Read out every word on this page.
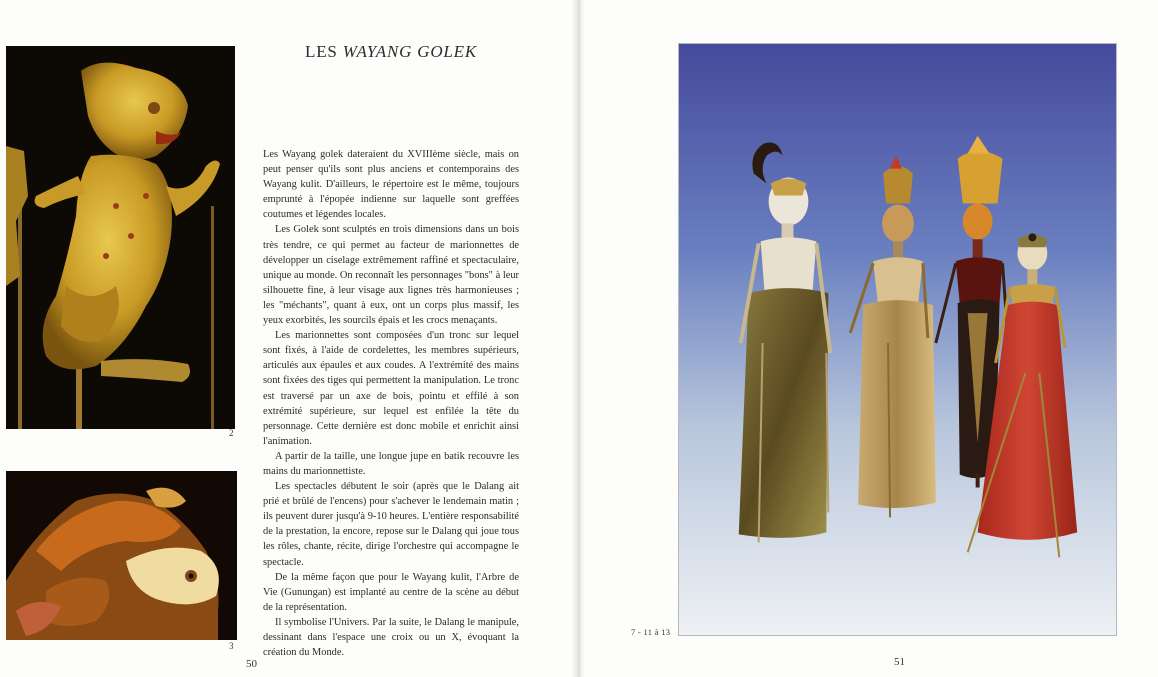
2
3
LES WAYANG GOLEK

Les Wayang golek dateraient du XVIIIème siècle, mais on peut penser qu'ils sont plus anciens et contemporains des Wayang kulit. D'ailleurs, le répertoire est le même, toujours emprunté à l'épopée indienne sur laquelle sont greffées coutumes et légendes locales.

Les Golek sont sculptés en trois dimensions dans un bois très tendre, ce qui permet au facteur de marionnettes de développer un ciselage extrêmement raffiné et spectaculaire, unique au monde. On reconnaît les personnages "bons" à leur silhouette fine, à leur visage aux lignes très harmonieuses ; les "méchants", quant à eux, ont un corps plus massif, les yeux exorbités, les sourcils épais et les crocs menaçants.

Les marionnettes sont composées d'un tronc sur lequel sont fixés, à l'aide de cordelettes, les membres supérieurs, articulés aux épaules et aux coudes. A l'extrémité des mains sont fixées des tiges qui permettent la manipulation. Le tronc est traversé par un axe de bois, pointu et effilé à son extrémité supérieure, sur lequel est enfilée la tête du personnage. Cette dernière est donc mobile et enrichit ainsi l'animation.

A partir de la taille, une longue jupe en batik recouvre les mains du marionnettiste.

Les spectacles débutent le soir (après que le Dalang ait prié et brûlé de l'encens) pour s'achever le lendemain matin ; ils peuvent durer jusqu'à 9-10 heures. L'entière responsabilité de la prestation, la encore, repose sur le Dalang qui joue tous les rôles, chante, récite, dirige l'orchestre qui accompagne le spectacle.

De la même façon que pour le Wayang kulit, l'Arbre de Vie (Gunungan) est implanté au centre de la scène au début de la représentation.

Il symbolise l'Univers. Par la suite, le Dalang le manipule, dessinant dans l'espace une croix ou un X, évoquant la création du Monde.

50
7 - 11 à 13
51
